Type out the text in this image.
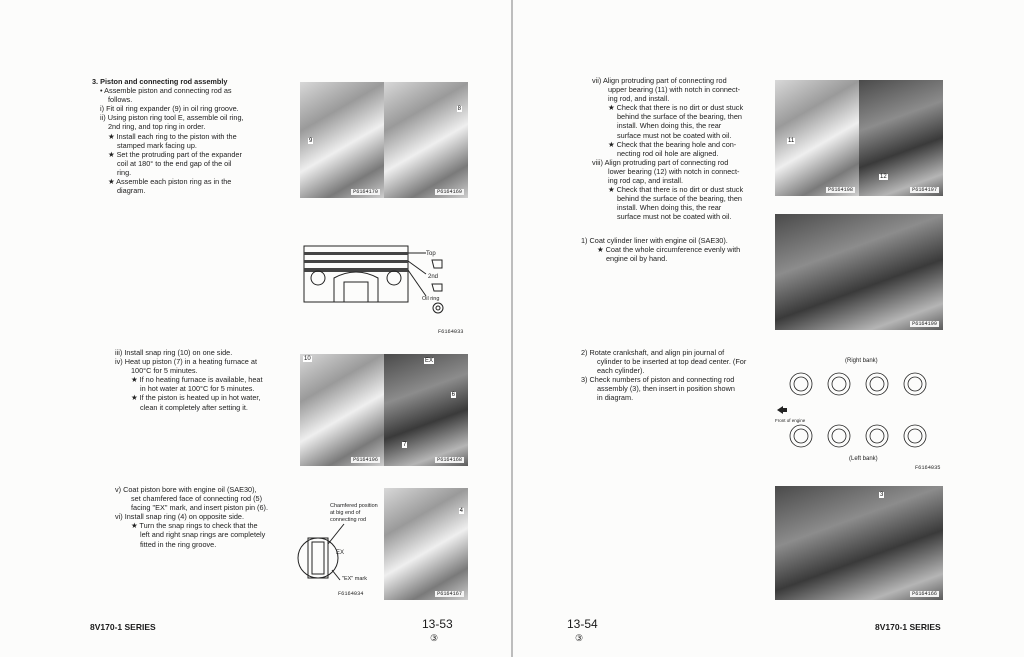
3. Piston and connecting rod assembly
• Assemble piston and connecting rod as
follows.
i) Fit oil ring expander (9) in oil ring groove.
ii) Using piston ring tool E, assemble oil ring,
2nd ring, and top ring in order.
★ Install each ring to the piston with the
stamped mark facing up.
★ Set the protruding part of the expander
coil at 180° to the end gap of the oil
ring.
★ Assemble each piston ring as in the
diagram.
9
P6164170
8
P6164169
Top
2nd
Oil ring
F6164033
iii) Install snap ring (10) on one side.
iv) Heat up piston (7) in a heating furnace at
100°C for 5 minutes.
★ If no heating furnace is available, heat
in hot water at 100°C for 5 minutes.
★ If the piston is heated up in hot water,
clean it completely after setting it.
10
P6164196
EX
6
7
P6164168
v) Coat piston bore with engine oil (SAE30),
set chamfered face of connecting rod (5)
facing "EX" mark, and insert piston pin (6).
vi) Install snap ring (4) on opposite side.
★ Turn the snap rings to check that the
left and right snap rings are completely
fitted in the ring groove.
Chamfered position
at big end of
connecting rod
EX
"EX" mark
F6164034
4
P6164167
8V170-1 SERIES	13-53
③
vii) Align protruding part of connecting rod
upper bearing (11) with notch in connect-
ing rod, and install.
★ Check that there is no dirt or dust stuck
behind the surface of the bearing, then
install. When doing this, the rear
surface must not be coated with oil.
★ Check that the bearing hole and con-
necting rod oil hole are aligned.
viii) Align protruding part of connecting rod
lower bearing (12) with notch in connect-
ing rod cap, and install.
★ Check that there is no dirt or dust stuck
behind the surface of the bearing, then
install. When doing this, the rear
surface must not be coated with oil.
11
P6164198
12
P6164197
1) Coat cylinder liner with engine oil (SAE30).
★ Coat the whole circumference evenly with
engine oil by hand.
P6164199
2) Rotate crankshaft, and align pin journal of
cylinder to be inserted at top dead center. (For
each cylinder).
3) Check numbers of piston and connecting rod
assembly (3), then insert in position shown
in diagram.
(Right bank)
Front of engine
(Left bank)
F6164035
3
P6164166
13-54
③
8V170-1 SERIES
